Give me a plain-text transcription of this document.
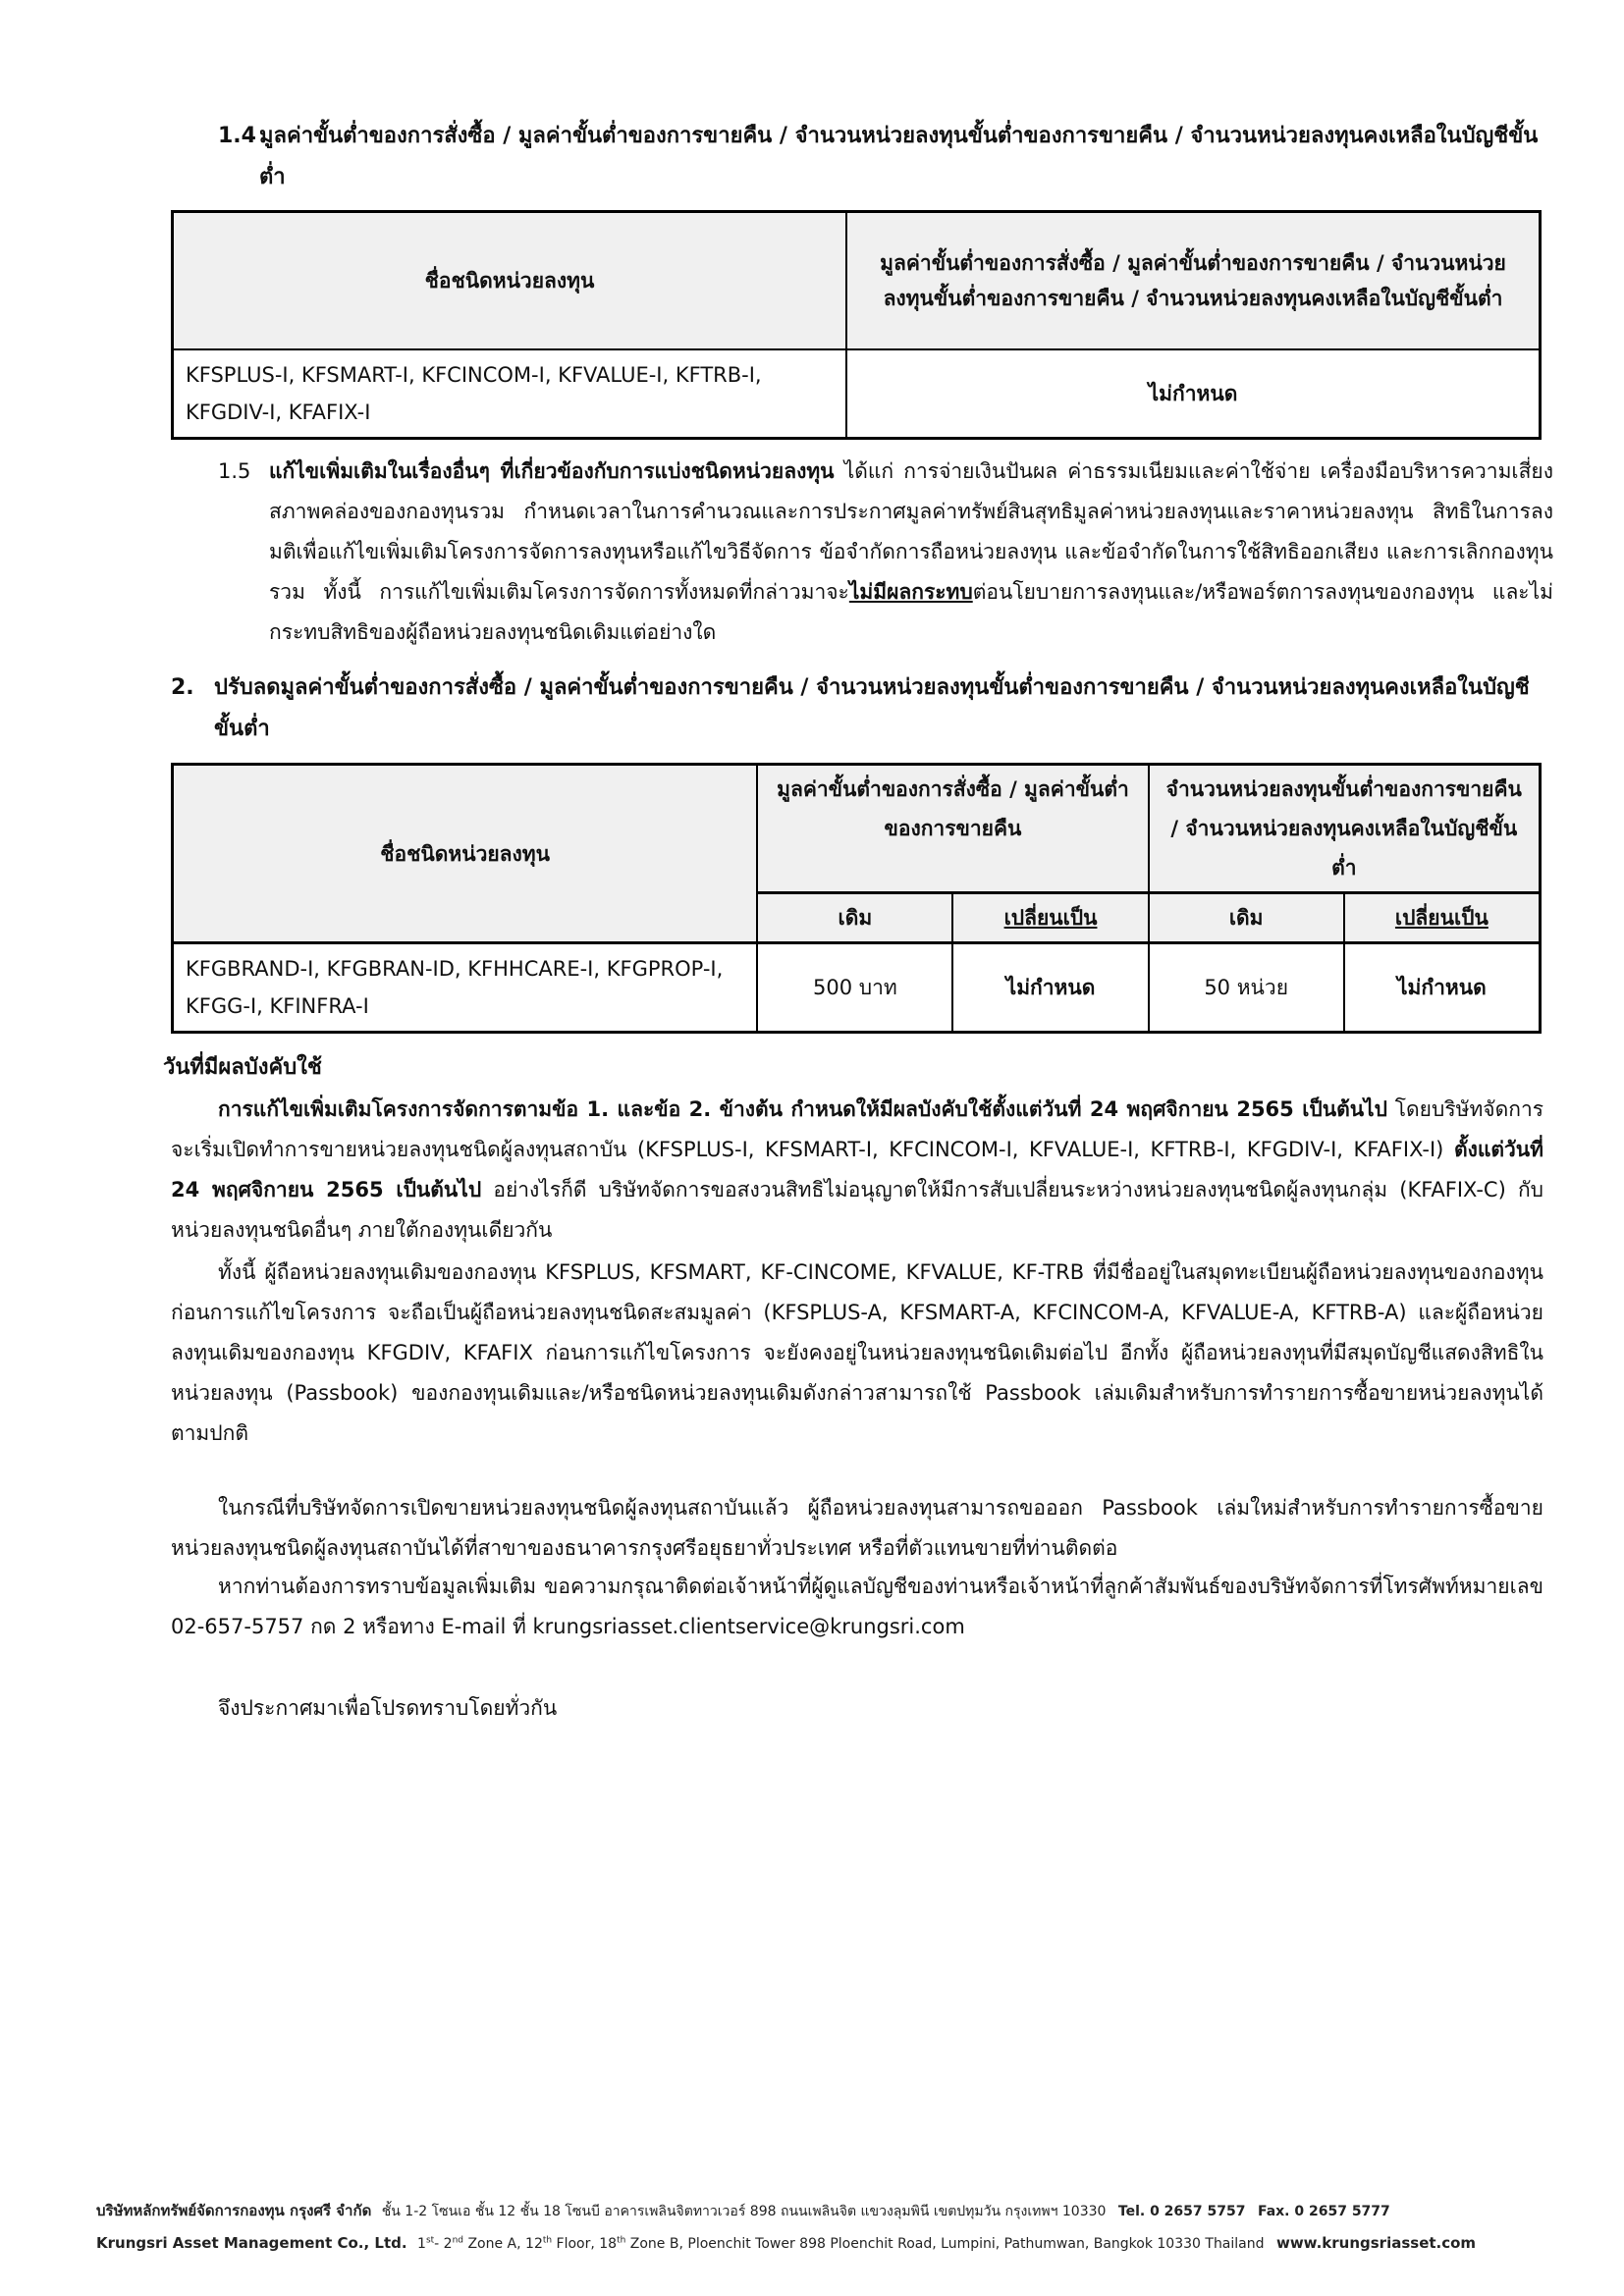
1.4 มูลค่าขั้นต่ำของการสั่งซื้อ / มูลค่าขั้นต่ำของการขายคืน / จำนวนหน่วยลงทุนขั้นต่ำของการขายคืน / จำนวนหน่วยลงทุนคงเหลือในบัญชีขั้นต่ำ
ชื่อชนิดหน่วยลงทุน	มูลค่าขั้นต่ำของการสั่งซื้อ / มูลค่าขั้นต่ำของการขายคืน / จำนวนหน่วยลงทุนขั้นต่ำของการขายคืน / จำนวนหน่วยลงทุนคงเหลือในบัญชีขั้นต่ำ
KFSPLUS-I, KFSMART-I, KFCINCOM-I, KFVALUE-I, KFTRB-I, KFGDIV-I, KFAFIX-I	ไม่กำหนด
1.5 แก้ไขเพิ่มเติมในเรื่องอื่นๆ ที่เกี่ยวข้องกับการแบ่งชนิดหน่วยลงทุน ได้แก่ การจ่ายเงินปันผล ค่าธรรมเนียมและค่าใช้จ่าย เครื่องมือบริหารความเสี่ยงสภาพคล่องของกองทุนรวม กำหนดเวลาในการคำนวณและการประกาศมูลค่าทรัพย์สินสุทธิมูลค่าหน่วยลงทุนและราคาหน่วยลงทุน สิทธิในการลงมติเพื่อแก้ไขเพิ่มเติมโครงการจัดการลงทุนหรือแก้ไขวิธีจัดการ ข้อจำกัดการถือหน่วยลงทุน และข้อจำกัดในการใช้สิทธิออกเสียง และการเลิกกองทุนรวม ทั้งนี้ การแก้ไขเพิ่มเติมโครงการจัดการทั้งหมดที่กล่าวมาจะไม่มีผลกระทบต่อนโยบายการลงทุนและ/หรือพอร์ตการลงทุนของกองทุน และไม่กระทบสิทธิของผู้ถือหน่วยลงทุนชนิดเดิมแต่อย่างใด
2. ปรับลดมูลค่าขั้นต่ำของการสั่งซื้อ / มูลค่าขั้นต่ำของการขายคืน / จำนวนหน่วยลงทุนขั้นต่ำของการขายคืน / จำนวนหน่วยลงทุนคงเหลือในบัญชีขั้นต่ำ
ชื่อชนิดหน่วยลงทุน	มูลค่าขั้นต่ำของการสั่งซื้อ / มูลค่าขั้นต่ำของการขายคืน		จำนวนหน่วยลงทุนขั้นต่ำของการขายคืน / จำนวนหน่วยลงทุนคงเหลือในบัญชีขั้นต่ำ	
	เดิม	เปลี่ยนเป็น	เดิม	เปลี่ยนเป็น
KFGBRAND-I, KFGBRAN-ID, KFHHCARE-I, KFGPROP-I, KFGG-I, KFINFRA-I	500 บาท	ไม่กำหนด	50 หน่วย	ไม่กำหนด
วันที่มีผลบังคับใช้
การแก้ไขเพิ่มเติมโครงการจัดการตามข้อ 1. และข้อ 2. ข้างต้น กำหนดให้มีผลบังคับใช้ตั้งแต่วันที่ 24 พฤศจิกายน 2565 เป็นต้นไป โดยบริษัทจัดการจะเริ่มเปิดทำการขายหน่วยลงทุนชนิดผู้ลงทุนสถาบัน (KFSPLUS-I, KFSMART-I, KFCINCOM-I, KFVALUE-I, KFTRB-I, KFGDIV-I, KFAFIX-I) ตั้งแต่วันที่ 24 พฤศจิกายน 2565 เป็นต้นไป อย่างไรก็ดี บริษัทจัดการขอสงวนสิทธิไม่อนุญาตให้มีการสับเปลี่ยนระหว่างหน่วยลงทุนชนิดผู้ลงทุนกลุ่ม (KFAFIX-C) กับหน่วยลงทุนชนิดอื่นๆ ภายใต้กองทุนเดียวกัน
ทั้งนี้ ผู้ถือหน่วยลงทุนเดิมของกองทุน KFSPLUS, KFSMART, KF-CINCOME, KFVALUE, KF-TRB ที่มีชื่ออยู่ในสมุดทะเบียนผู้ถือหน่วยลงทุนของกองทุนก่อนการแก้ไขโครงการ จะถือเป็นผู้ถือหน่วยลงทุนชนิดสะสมมูลค่า (KFSPLUS-A, KFSMART-A, KFCINCOM-A, KFVALUE-A, KFTRB-A) และผู้ถือหน่วยลงทุนเดิมของกองทุน KFGDIV, KFAFIX ก่อนการแก้ไขโครงการ จะยังคงอยู่ในหน่วยลงทุนชนิดเดิมต่อไป อีกทั้ง ผู้ถือหน่วยลงทุนที่มีสมุดบัญชีแสดงสิทธิในหน่วยลงทุน (Passbook) ของกองทุนเดิมและ/หรือชนิดหน่วยลงทุนเดิมดังกล่าวสามารถใช้ Passbook เล่มเดิมสำหรับการทำรายการซื้อขายหน่วยลงทุนได้ตามปกติ
ในกรณีที่บริษัทจัดการเปิดขายหน่วยลงทุนชนิดผู้ลงทุนสถาบันแล้ว ผู้ถือหน่วยลงทุนสามารถขอออก Passbook เล่มใหม่สำหรับการทำรายการซื้อขายหน่วยลงทุนชนิดผู้ลงทุนสถาบันได้ที่สาขาของธนาคารกรุงศรีอยุธยาทั่วประเทศ หรือที่ตัวแทนขายที่ท่านติดต่อ
หากท่านต้องการทราบข้อมูลเพิ่มเติม ขอความกรุณาติดต่อเจ้าหน้าที่ผู้ดูแลบัญชีของท่านหรือเจ้าหน้าที่ลูกค้าสัมพันธ์ของบริษัทจัดการที่โทรศัพท์หมายเลข 02-657-5757 กด 2 หรือทาง E-mail ที่ krungsriasset.clientservice@krungsri.com
จึงประกาศมาเพื่อโปรดทราบโดยทั่วกัน
บริษัทหลักทรัพย์จัดการกองทุน กรุงศรี จำกัด ชั้น 1-2 โซนเอ ชั้น 12 ชั้น 18 โซนบี อาคารเพลินจิตทาวเวอร์ 898 ถนนเพลินจิต แขวงลุมพินี เขตปทุมวัน กรุงเทพฯ 10330 Tel. 0 2657 5757 Fax. 0 2657 5777
Krungsri Asset Management Co., Ltd. 1st- 2nd Zone A, 12th Floor, 18th Zone B, Ploenchit Tower 898 Ploenchit Road, Lumpini, Pathumwan, Bangkok 10330 Thailand www.krungsriasset.com
